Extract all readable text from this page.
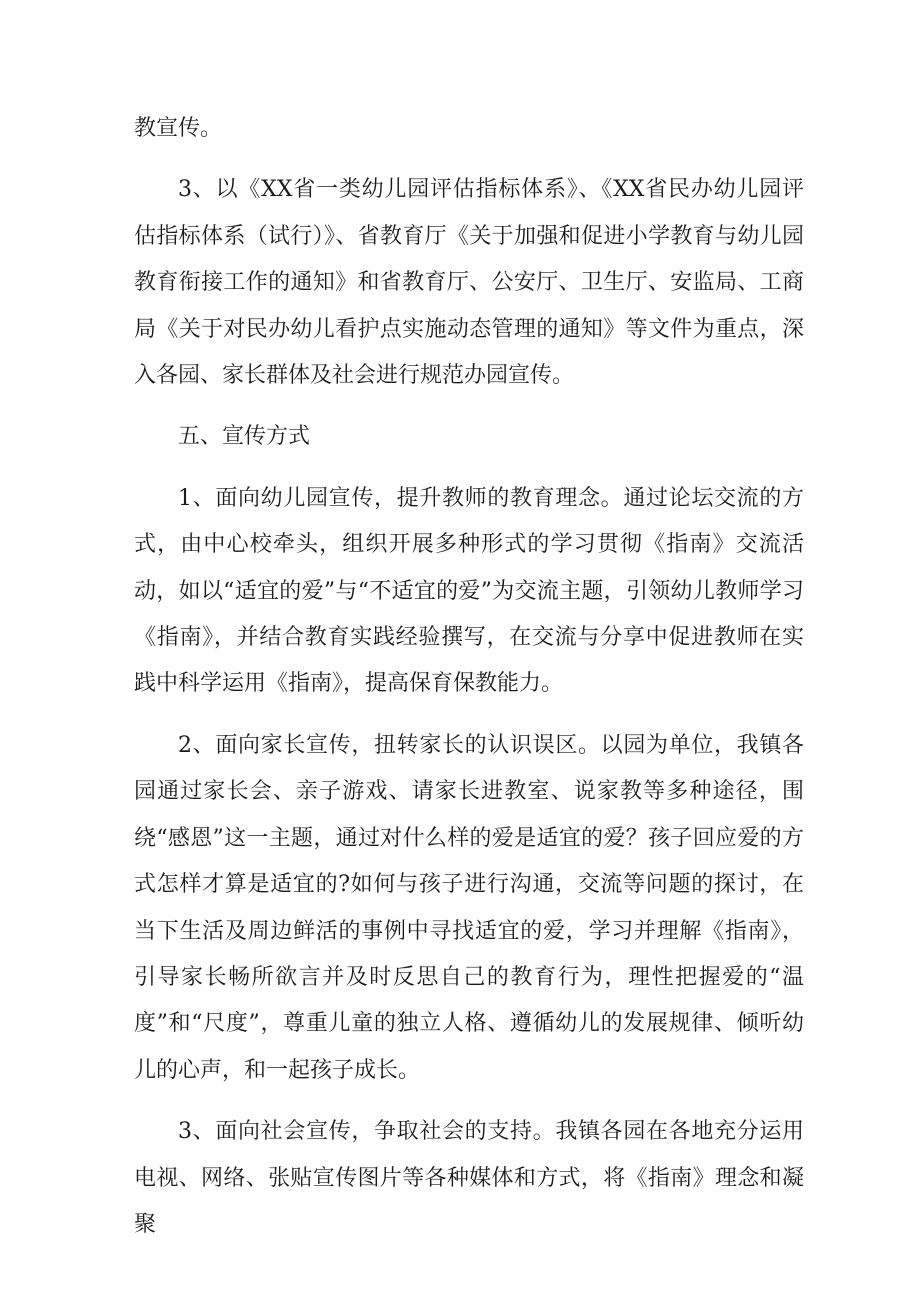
教宣传。

3、以《XX省一类幼儿园评估指标体系》、《XX省民办幼儿园评估指标体系（试行）》、省教育厅《关于加强和促进小学教育与幼儿园教育衔接工作的通知》和省教育厅、公安厅、卫生厅、安监局、工商局《关于对民办幼儿看护点实施动态管理的通知》等文件为重点，深入各园、家长群体及社会进行规范办园宣传。

五、宣传方式

1、面向幼儿园宣传，提升教师的教育理念。通过论坛交流的方式，由中心校牵头，组织开展多种形式的学习贯彻《指南》交流活动，如以“适宜的爱”与“不适宜的爱”为交流主题，引领幼儿教师学习《指南》，并结合教育实践经验撰写，在交流与分享中促进教师在实践中科学运用《指南》，提高保育保教能力。

2、面向家长宣传，扭转家长的认识误区。以园为单位，我镇各园通过家长会、亲子游戏、请家长进教室、说家教等多种途径，围绕“感恩”这一主题，通过对什么样的爱是适宜的爱？孩子回应爱的方式怎样才算是适宜的?如何与孩子进行沟通，交流等问题的探讨，在当下生活及周边鲜活的事例中寻找适宜的爱，学习并理解《指南》，引导家长畅所欲言并及时反思自己的教育行为，理性把握爱的“温度”和“尺度”，尊重儿童的独立人格、遵循幼儿的发展规律、倾听幼儿的心声，和一起孩子成长。

3、面向社会宣传，争取社会的支持。我镇各园在各地充分运用电视、网络、张贴宣传图片等各种媒体和方式，将《指南》理念和凝聚
